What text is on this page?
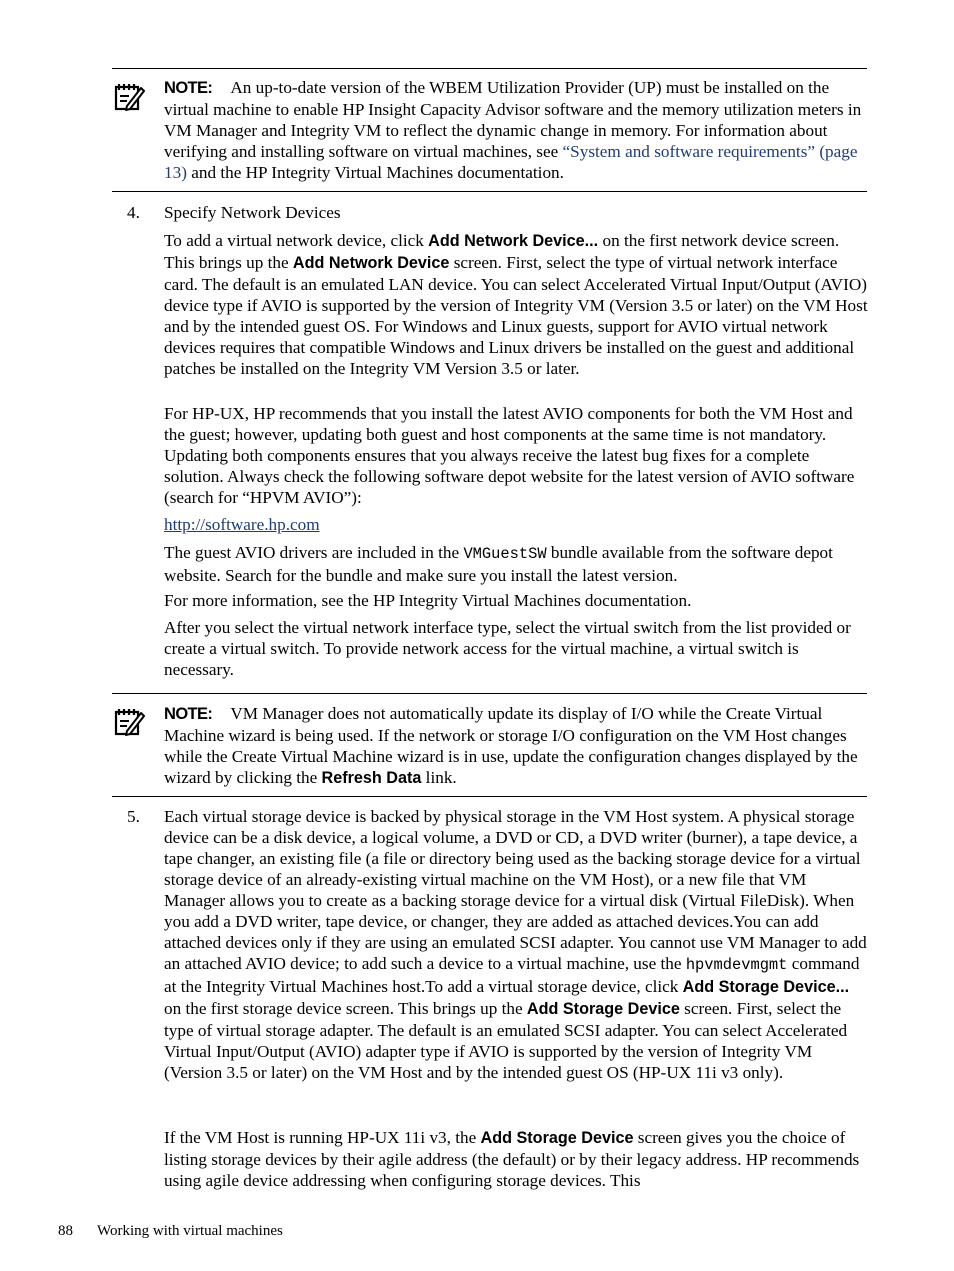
NOTE: An up-to-date version of the WBEM Utilization Provider (UP) must be installed on the virtual machine to enable HP Insight Capacity Advisor software and the memory utilization meters in VM Manager and Integrity VM to reflect the dynamic change in memory. For information about verifying and installing software on virtual machines, see “System and software requirements” (page 13) and the HP Integrity Virtual Machines documentation.
4. Specify Network Devices

To add a virtual network device, click Add Network Device... on the first network device screen. This brings up the Add Network Device screen. First, select the type of virtual network interface card. The default is an emulated LAN device. You can select Accelerated Virtual Input/Output (AVIO) device type if AVIO is supported by the version of Integrity VM (Version 3.5 or later) on the VM Host and by the intended guest OS. For Windows and Linux guests, support for AVIO virtual network devices requires that compatible Windows and Linux drivers be installed on the guest and additional patches be installed on the Integrity VM Version 3.5 or later.

For HP-UX, HP recommends that you install the latest AVIO components for both the VM Host and the guest; however, updating both guest and host components at the same time is not mandatory. Updating both components ensures that you always receive the latest bug fixes for a complete solution. Always check the following software depot website for the latest version of AVIO software (search for “HPVM AVIO”):

http://software.hp.com

The guest AVIO drivers are included in the VMGuestSW bundle available from the software depot website. Search for the bundle and make sure you install the latest version.

For more information, see the HP Integrity Virtual Machines documentation.

After you select the virtual network interface type, select the virtual switch from the list provided or create a virtual switch. To provide network access for the virtual machine, a virtual switch is necessary.

NOTE: VM Manager does not automatically update its display of I/O while the Create Virtual Machine wizard is being used. If the network or storage I/O configuration on the VM Host changes while the Create Virtual Machine wizard is in use, update the configuration changes displayed by the wizard by clicking the Refresh Data link.
5. Each virtual storage device is backed by physical storage in the VM Host system. A physical storage device can be a disk device, a logical volume, a DVD or CD, a DVD writer (burner), a tape device, a tape changer, an existing file (a file or directory being used as the backing storage device for a virtual storage device of an already-existing virtual machine on the VM Host), or a new file that VM Manager allows you to create as a backing storage device for a virtual disk (Virtual FileDisk). When you add a DVD writer, tape device, or changer, they are added as attached devices.You can add attached devices only if they are using an emulated SCSI adapter. You cannot use VM Manager to add an attached AVIO device; to add such a device to a virtual machine, use the hpvmdevmgmt command at the Integrity Virtual Machines host.To add a virtual storage device, click Add Storage Device... on the first storage device screen. This brings up the Add Storage Device screen. First, select the type of virtual storage adapter. The default is an emulated SCSI adapter. You can select Accelerated Virtual Input/Output (AVIO) adapter type if AVIO is supported by the version of Integrity VM (Version 3.5 or later) on the VM Host and by the intended guest OS (HP-UX 11i v3 only).

If the VM Host is running HP-UX 11i v3, the Add Storage Device screen gives you the choice of listing storage devices by their agile address (the default) or by their legacy address. HP recommends using agile device addressing when configuring storage devices. This

88 Working with virtual machines
